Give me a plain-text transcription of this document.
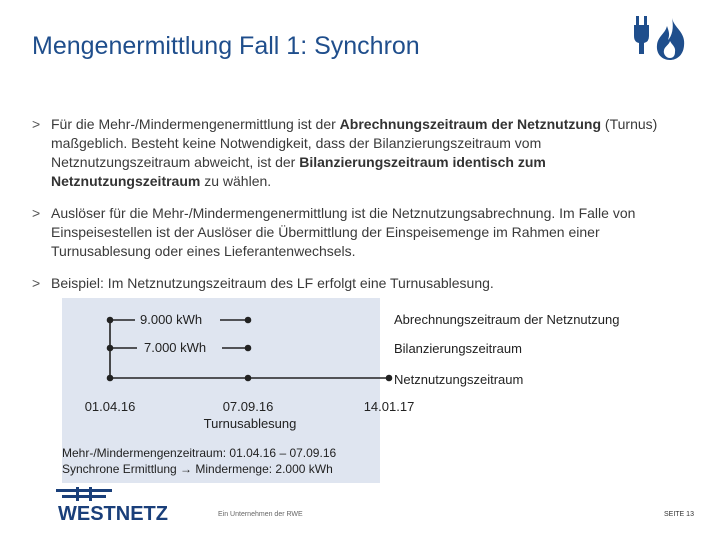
Mengenermittlung Fall 1: Synchron
> Für die Mehr-/Mindermengenermittlung ist der Abrechnungszeitraum der Netznutzung (Turnus) maßgeblich. Besteht keine Notwendigkeit, dass der Bilanzierungszeitraum vom Netznutzungszeitraum abweicht, ist der Bilanzierungszeitraum identisch zum Netznutzungszeitraum zu wählen.
> Auslöser für die Mehr-/Mindermengenermittlung ist die Netznutzungsabrechnung. Im Falle von Einspeisestellen ist der Auslöser die Übermittlung der Einspeisemenge im Rahmen einer Turnusablesung oder eines Lieferantenwechsels.
> Beispiel: Im Netznutzungszeitraum des LF erfolgt eine Turnusablesung.
9.000 kWh	Abrechnungszeitraum der Netznutzung
7.000 kWh	Bilanzierungszeitraum
Netznutzungszeitraum
01.04.16	07.09.16
Turnusablesung
14.01.17
Mehr-/Mindermengenzeitraum: 01.04.16 – 07.09.16
Synchrone Ermittlung → Mindermenge: 2.000 kWh
WESTNETZ	Ein Unternehmen der RWE	SEITE 13
